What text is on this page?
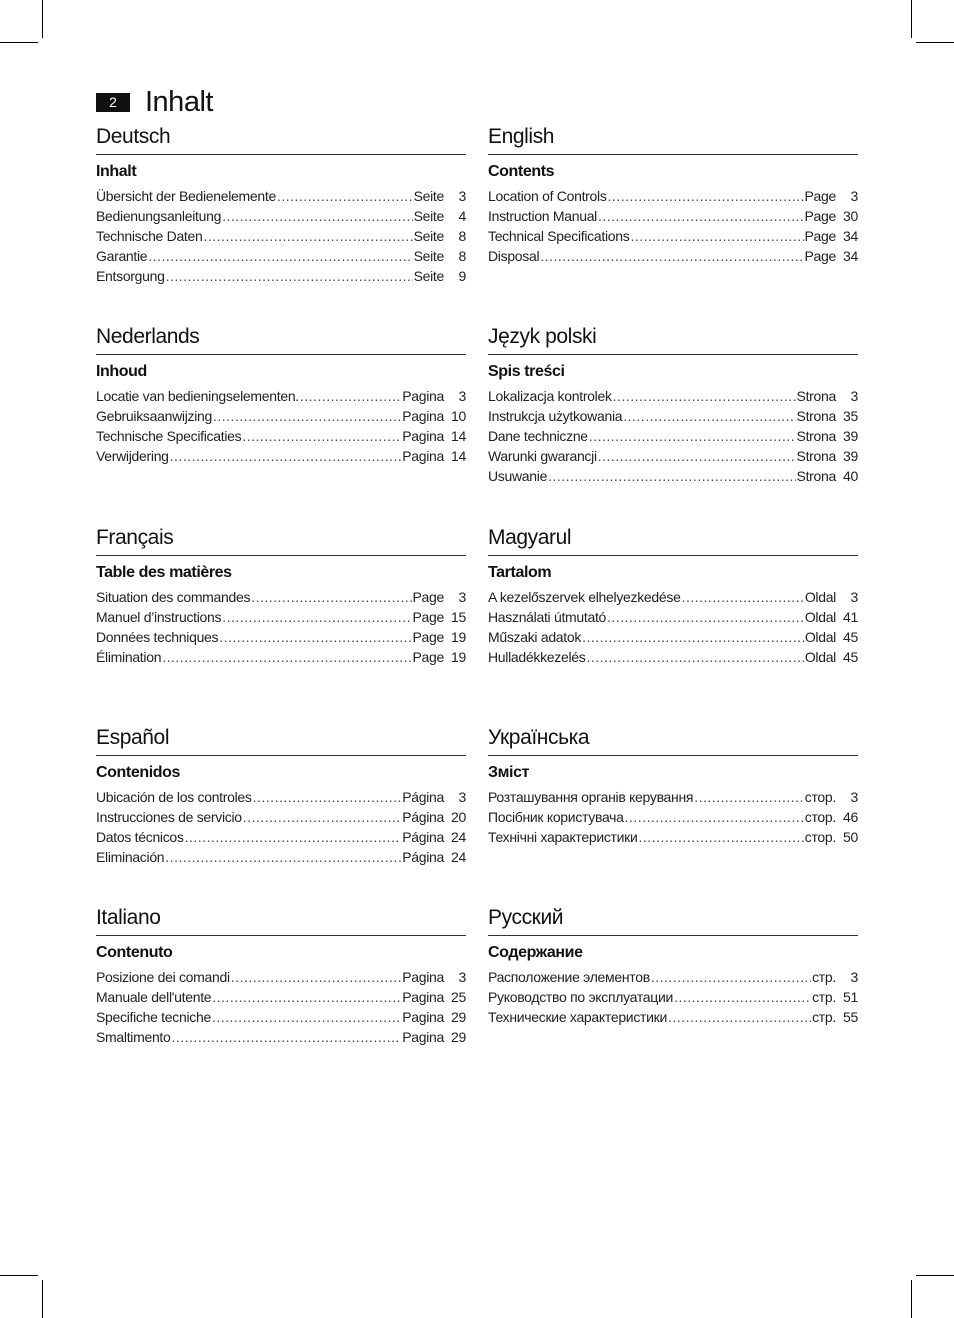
2 Inhalt
Deutsch
Inhalt
Übersicht der Bedienelemente .....	Seite	3
Bedienungsanleitung .....	Seite	4
Technische Daten .....	Seite	8
Garantie .....	Seite	8
Entsorgung .....	Seite	9
English
Contents
Location of Controls .....	Page	3
Instruction Manual .....	Page 30
Technical Specifications .....	Page 34
Disposal .....	Page 34
Nederlands
Inhoud
Locatie van bedieningselementen. .....	Pagina	3
Gebruiksaanwijzing .....	Pagina 10
Technische Specificaties .....	Pagina 14
Verwijdering .....	Pagina 14
Język polski
Spis treści
Lokalizacja kontrolek .....	Strona	3
Instrukcja użytkowania .....	Strona 35
Dane techniczne .....	Strona 39
Warunki gwarancji .....	Strona 39
Usuwanie .....	Strona 40
Français
Table des matières
Situation des commandes .....	Page	3
Manuel d’instructions .....	Page 15
Données techniques .....	Page 19
Élimination .....	Page 19
Magyarul
Tartalom
A kezelőszervek elhelyezkedése .....	Oldal	3
Használati útmutató .....	Oldal 41
Műszaki adatok .....	Oldal 45
Hulladékkezelés .....	Oldal 45
Español
Contenidos
Ubicación de los controles .....	Página	3
Instrucciones de servicio .....	Página 20
Datos técnicos .....	Página 24
Eliminación .....	Página 24
Українська
Зміст
Розташування органів керування .....	стор.	3
Посібник користувача .....	стор. 46
Технічні характеристики .....	стор. 50
Italiano
Contenuto
Posizione dei comandi .....	Pagina	3
Manuale dell'utente .....	Pagina 25
Specifiche tecniche .....	Pagina 29
Smaltimento .....	Pagina 29
Русский
Содержание
Расположение элементов .....	стр.	3
Руководство по эксплуатации .....	стр. 51
Технические характеристики .....	стр. 55
